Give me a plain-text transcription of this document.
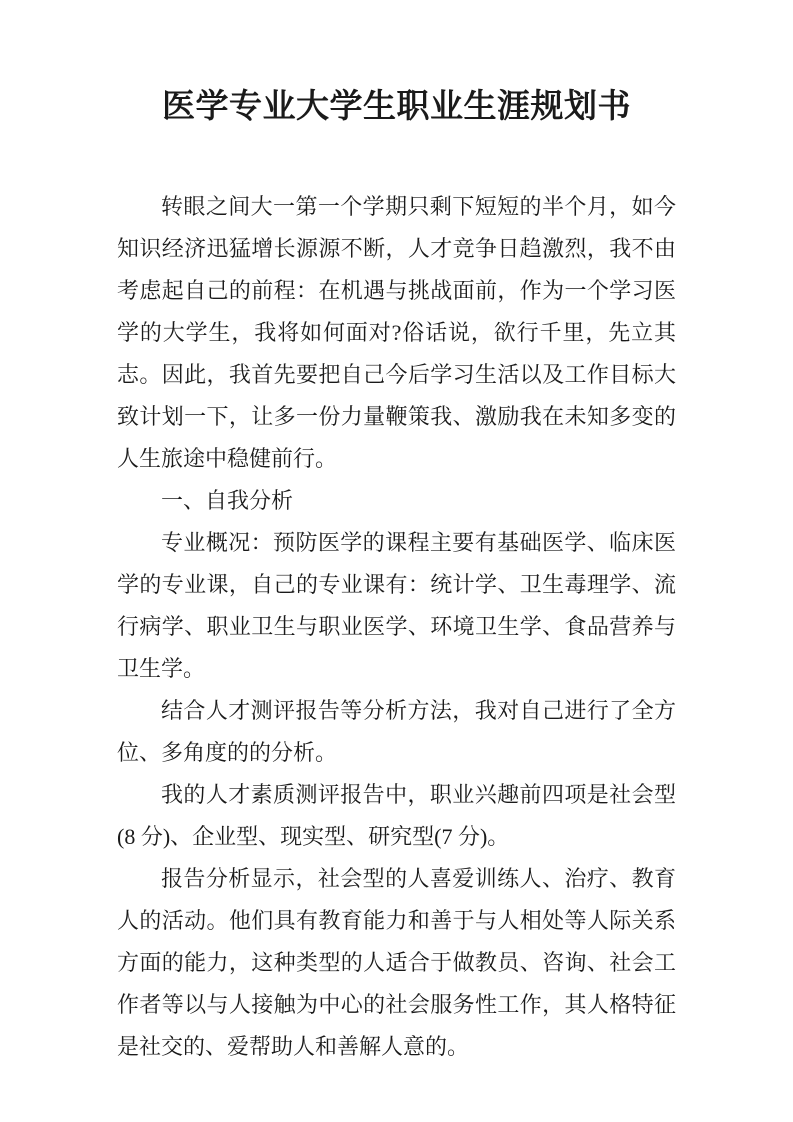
医学专业大学生职业生涯规划书

转眼之间大一第一个学期只剩下短短的半个月，如今知识经济迅猛增长源源不断，人才竞争日趋激烈，我不由考虑起自己的前程：在机遇与挑战面前，作为一个学习医学的大学生，我将如何面对?俗话说，欲行千里，先立其志。因此，我首先要把自己今后学习生活以及工作目标大致计划一下，让多一份力量鞭策我、激励我在未知多变的人生旅途中稳健前行。

一、自我分析

专业概况：预防医学的课程主要有基础医学、临床医学的专业课，自己的专业课有：统计学、卫生毒理学、流行病学、职业卫生与职业医学、环境卫生学、食品营养与卫生学。

结合人才测评报告等分析方法，我对自己进行了全方位、多角度的的分析。

我的人才素质测评报告中，职业兴趣前四项是社会型(8 分)、企业型、现实型、研究型(7 分)。

报告分析显示，社会型的人喜爱训练人、治疗、教育人的活动。他们具有教育能力和善于与人相处等人际关系方面的能力，这种类型的人适合于做教员、咨询、社会工作者等以与人接触为中心的社会服务性工作，其人格特征是社交的、爱帮助人和善解人意的。
